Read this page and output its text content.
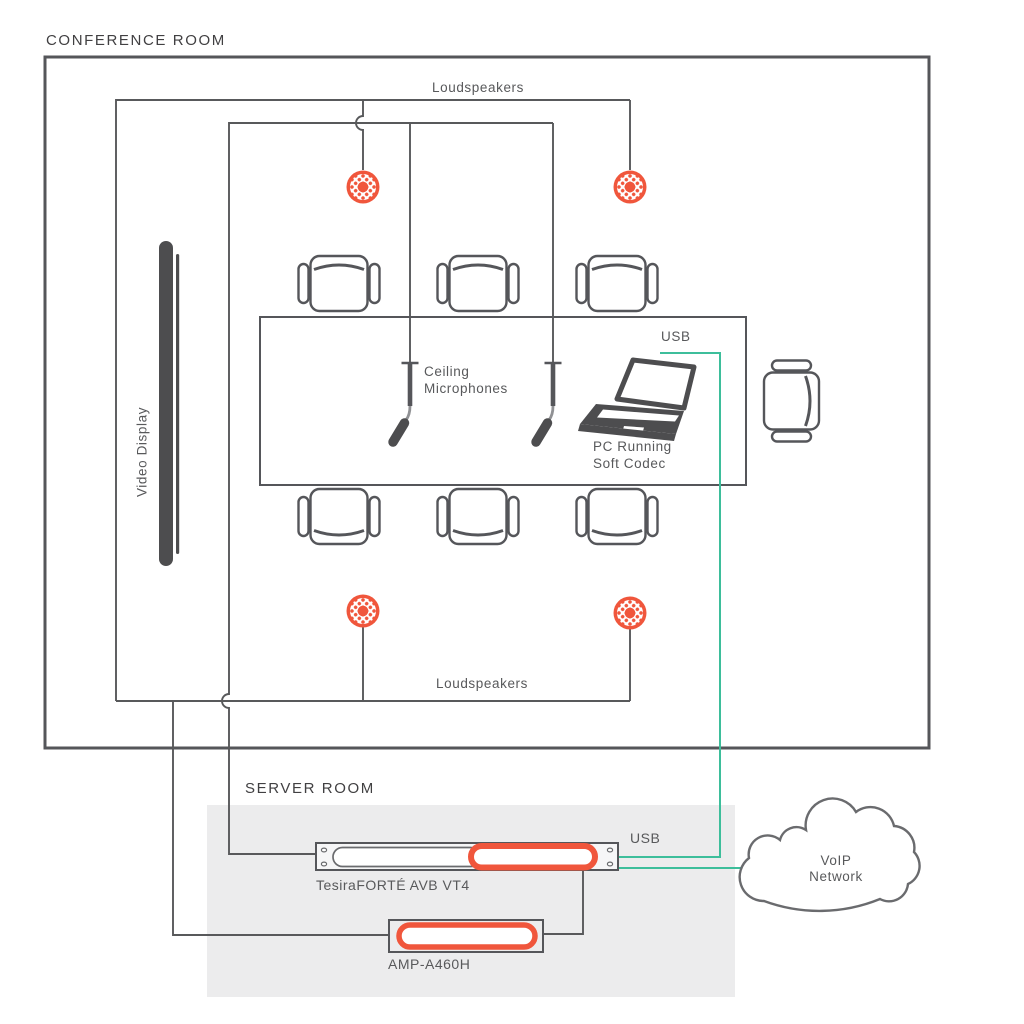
CONFERENCE ROOM
Loudspeakers
Loudspeakers
Video Display
Ceiling
Microphones
PC Running
Soft Codec
USB
SERVER ROOM
USB
TesiraFORTÉ AVB VT4
AMP-A460H
VoIP
Network
